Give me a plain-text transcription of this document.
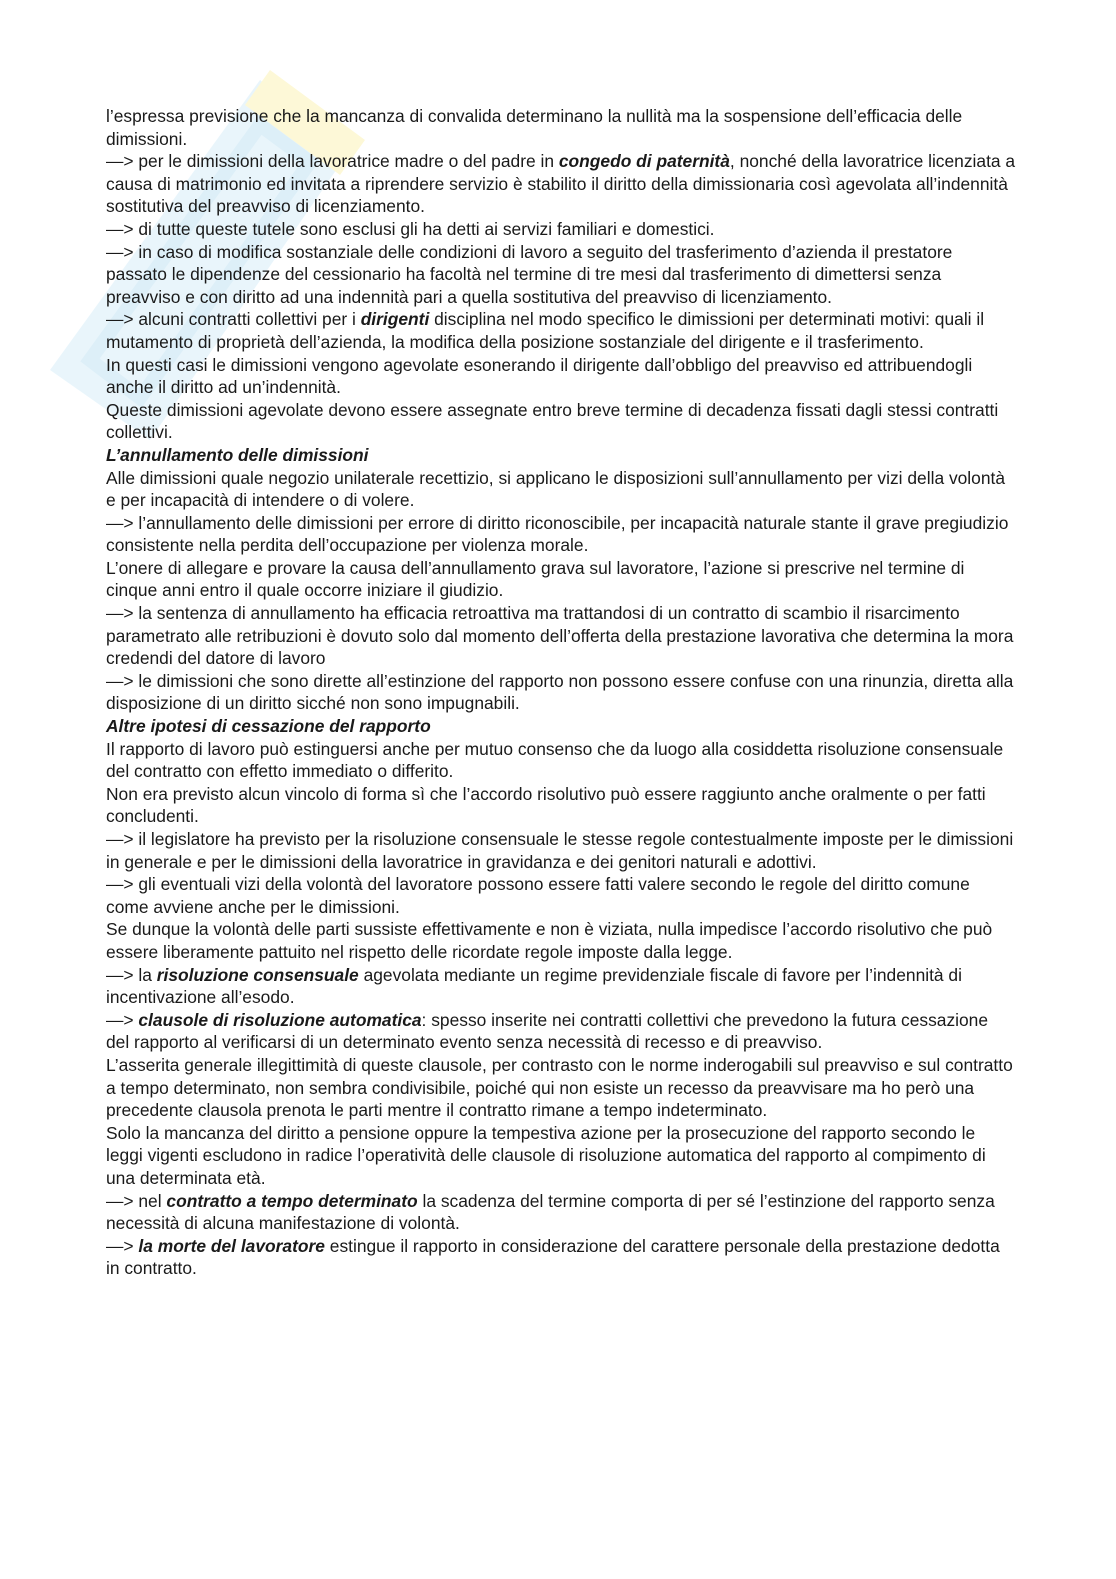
l’espressa previsione che la mancanza di convalida determinano la nullità ma la sospensione dell’efficacia delle dimissioni.

—> per le dimissioni della lavoratrice madre o del padre in congedo di paternità, nonché della lavoratrice licenziata a causa di matrimonio ed invitata a riprendere servizio è stabilito il diritto della dimissionaria così agevolata all’indennità sostitutiva del preavviso di licenziamento.

—> di tutte queste tutele sono esclusi gli ha detti ai servizi familiari e domestici.

—> in caso di modifica sostanziale delle condizioni di lavoro a seguito del trasferimento d’azienda il prestatore passato le dipendenze del cessionario ha facoltà nel termine di tre mesi dal trasferimento di dimettersi senza preavviso e con diritto ad una indennità pari a quella sostitutiva del preavviso di licenziamento.

—> alcuni contratti collettivi per i dirigenti disciplina nel modo specifico le dimissioni per determinati motivi: quali il mutamento di proprietà dell’azienda, la modifica della posizione sostanziale del dirigente e il trasferimento.

In questi casi le dimissioni vengono agevolate esonerando il dirigente dall’obbligo del preavviso ed attribuendogli anche il diritto ad un’indennità.

Queste dimissioni agevolate devono essere assegnate entro breve termine di decadenza fissati dagli stessi contratti collettivi.

L’annullamento delle dimissioni

Alle dimissioni quale negozio unilaterale recettizio, si applicano le disposizioni sull’annullamento per vizi della volontà e per incapacità di intendere o di volere.

—> l’annullamento delle dimissioni per errore di diritto riconoscibile, per incapacità naturale stante il grave pregiudizio consistente nella perdita dell’occupazione per violenza morale.

L’onere di allegare e provare la causa dell’annullamento grava sul lavoratore, l’azione si prescrive nel termine di cinque anni entro il quale occorre iniziare il giudizio.

—> la sentenza di annullamento ha efficacia retroattiva ma trattandosi di un contratto di scambio il risarcimento parametrato alle retribuzioni è dovuto solo dal momento dell’offerta della prestazione lavorativa che determina la mora credendi del datore di lavoro

—> le dimissioni che sono dirette all’estinzione del rapporto non possono essere confuse con una rinunzia, diretta alla disposizione di un diritto sicché non sono impugnabili.

Altre ipotesi di cessazione del rapporto

Il rapporto di lavoro può estinguersi anche per mutuo consenso che da luogo alla cosiddetta risoluzione consensuale del contratto con effetto immediato o differito.

Non era previsto alcun vincolo di forma sì che l’accordo risolutivo può essere raggiunto anche oralmente o per fatti concludenti.

—> il legislatore ha previsto per la risoluzione consensuale le stesse regole contestualmente imposte per le dimissioni in generale e per le dimissioni della lavoratrice in gravidanza e dei genitori naturali e adottivi.

—> gli eventuali vizi della volontà del lavoratore possono essere fatti valere secondo le regole del diritto comune come avviene anche per le dimissioni.

Se dunque la volontà delle parti sussiste effettivamente e non è viziata, nulla impedisce l’accordo risolutivo che può essere liberamente pattuito nel rispetto delle ricordate regole imposte dalla legge.

—> la risoluzione consensuale agevolata mediante un regime previdenziale fiscale di favore per l’indennità di incentivazione all’esodo.

—> clausole di risoluzione automatica: spesso inserite nei contratti collettivi che prevedono la futura cessazione del rapporto al verificarsi di un determinato evento senza necessità di recesso e di preavviso.

L’asserita generale illegittimità di queste clausole, per contrasto con le norme inderogabili sul preavviso e sul contratto a tempo determinato, non sembra condivisibile, poiché qui non esiste un recesso da preavvisare ma ho però una precedente clausola prenota le parti mentre il contratto rimane a tempo indeterminato.

Solo la mancanza del diritto a pensione oppure la tempestiva azione per la prosecuzione del rapporto secondo le leggi vigenti escludono in radice l’operatività delle clausole di risoluzione automatica del rapporto al compimento di una determinata età.

—> nel contratto a tempo determinato la scadenza del termine comporta di per sé l’estinzione del rapporto senza necessità di alcuna manifestazione di volontà.

—> la morte del lavoratore estingue il rapporto in considerazione del carattere personale della prestazione dedotta in contratto.
